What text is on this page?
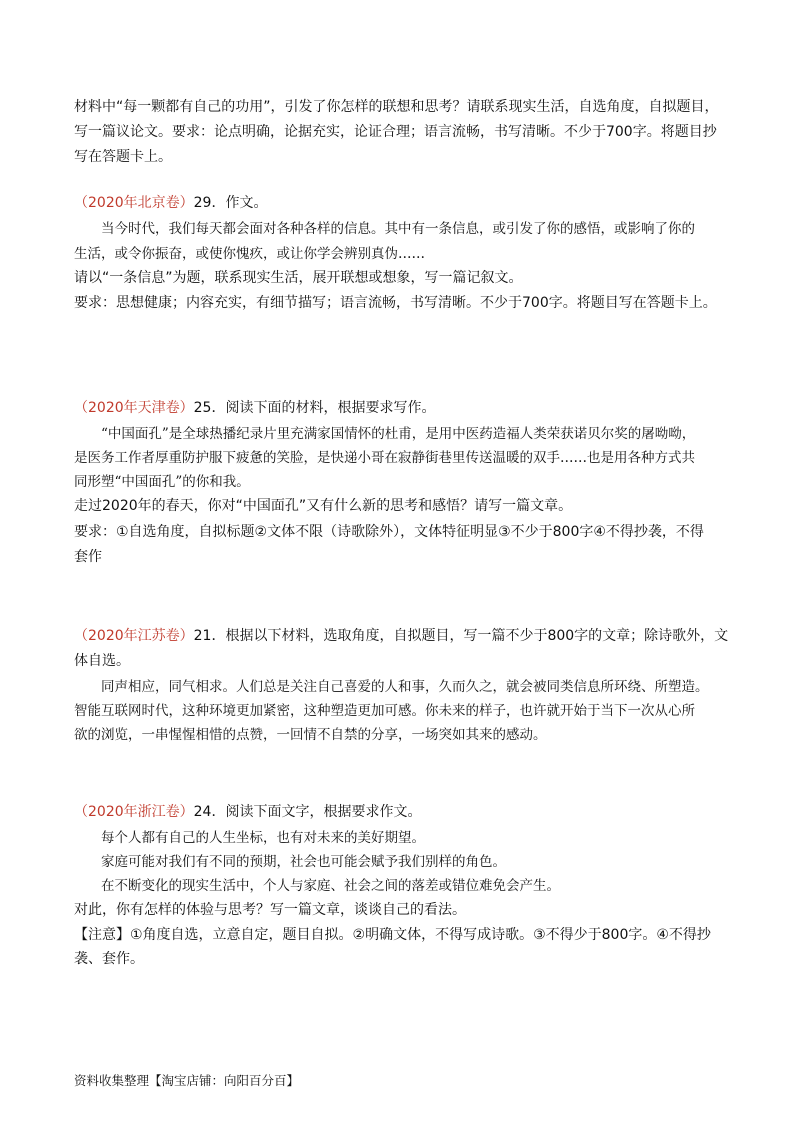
材料中“每一颗都有自己的功用”，引发了你怎样的联想和思考？请联系现实生活，自选角度，自拟题目，
写一篇议论文。要求：论点明确，论据充实，论证合理；语言流畅，书写清晰。不少于700字。将题目抄
写在答题卡上。
（2020年北京卷）29．作文。
当今时代，我们每天都会面对各种各样的信息。其中有一条信息，或引发了你的感悟，或影响了你的
生活，或令你振奋，或使你愧疚，或让你学会辨别真伪……
请以“一条信息”为题，联系现实生活，展开联想或想象，写一篇记叙文。
要求：思想健康；内容充实，有细节描写；语言流畅，书写清晰。不少于700字。将题目写在答题卡上。
（2020年天津卷）25．阅读下面的材料，根据要求写作。
“中国面孔”是全球热播纪录片里充满家国情怀的杜甫，是用中医药造福人类荣获诺贝尔奖的屠呦呦，
是医务工作者厚重防护服下疲惫的笑脸，是快递小哥在寂静街巷里传送温暖的双手……也是用各种方式共
同形塑“中国面孔”的你和我。
走过2020年的春天，你对“中国面孔”又有什么新的思考和感悟？请写一篇文章。
要求：①自选角度，自拟标题②文体不限（诗歌除外），文体特征明显③不少于800字④不得抄袭，不得
套作
（2020年江苏卷）21．根据以下材料，选取角度，自拟题目，写一篇不少于800字的文章；除诗歌外，文
体自选。
同声相应，同气相求。人们总是关注自己喜爱的人和事，久而久之，就会被同类信息所环绕、所塑造。
智能互联网时代，这种环境更加紧密，这种塑造更加可感。你未来的样子，也许就开始于当下一次从心所
欲的浏览，一串惺惺相惜的点赞，一回情不自禁的分享，一场突如其来的感动。
（2020年浙江卷）24．阅读下面文字，根据要求作文。
每个人都有自己的人生坐标，也有对未来的美好期望。
家庭可能对我们有不同的预期，社会也可能会赋予我们别样的角色。
在不断变化的现实生活中，个人与家庭、社会之间的落差或错位难免会产生。
对此，你有怎样的体验与思考？写一篇文章，谈谈自己的看法。
【注意】①角度自选，立意自定，题目自拟。②明确文体，不得写成诗歌。③不得少于800字。④不得抄
袭、套作。
资料收集整理【淘宝店铺：向阳百分百】
